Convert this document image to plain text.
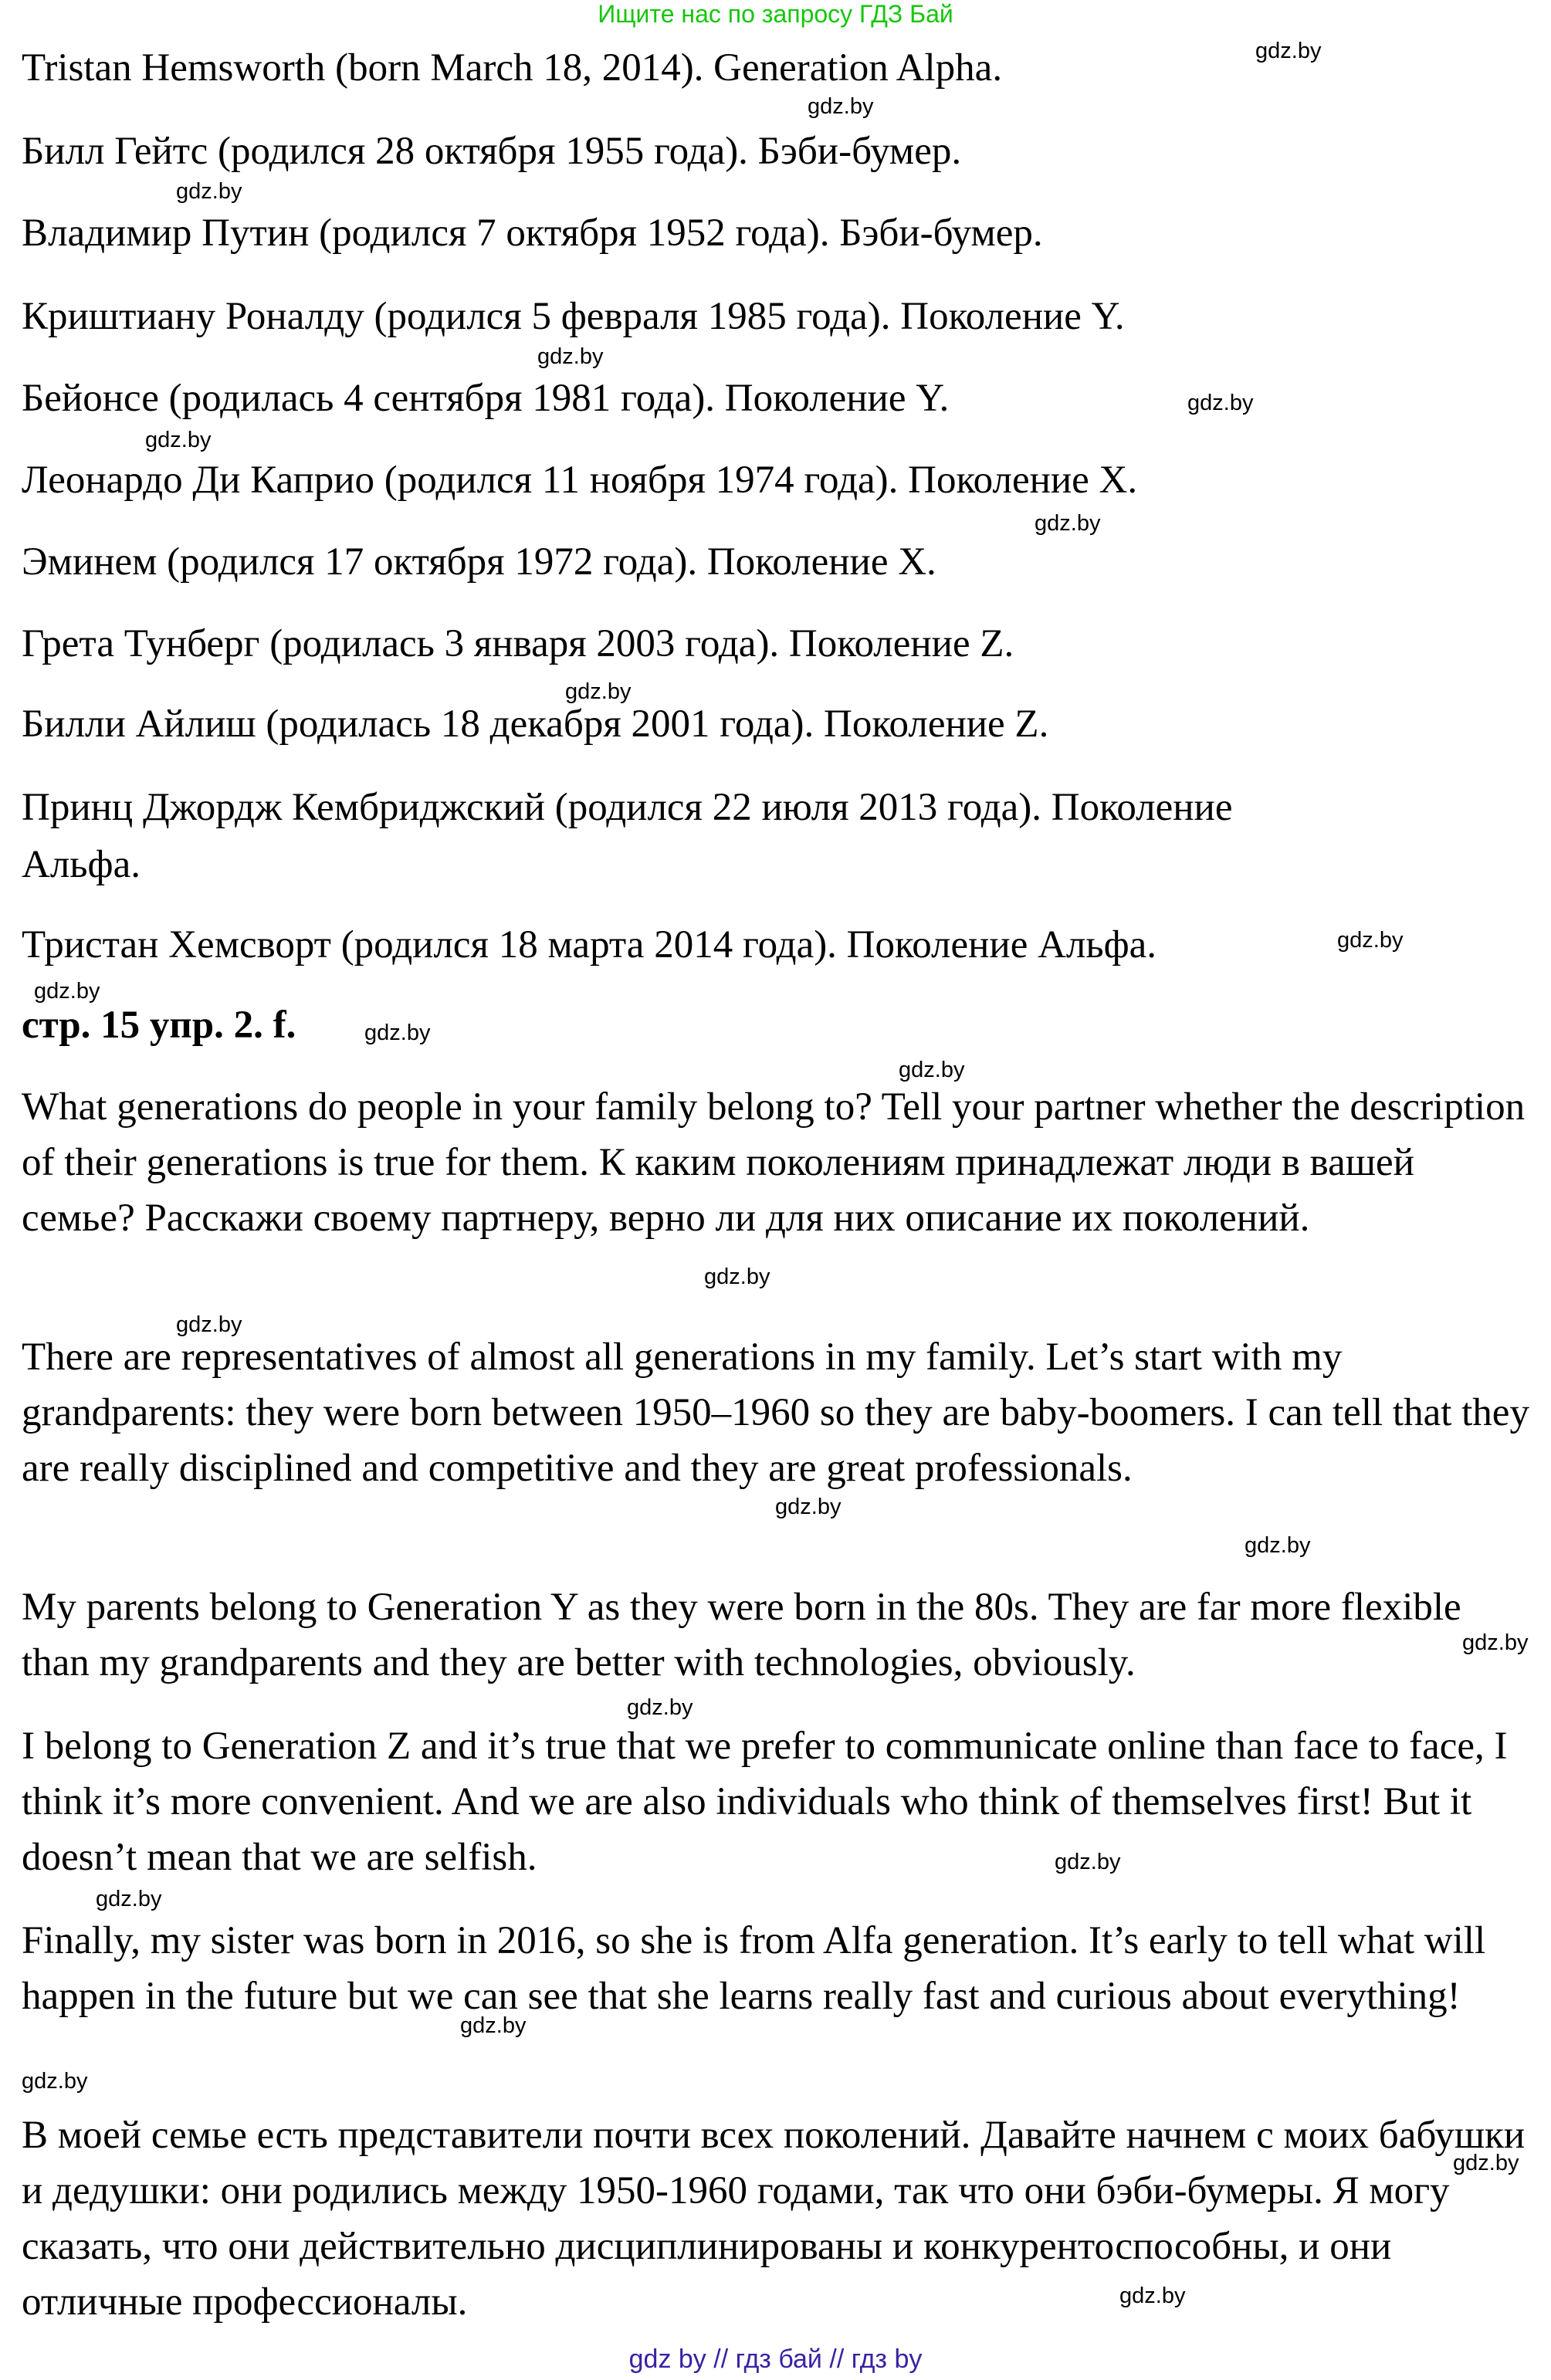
Ищите нас по запросу ГДЗ Бай
Tristan Hemsworth (born March 18, 2014). Generation Alpha.
Билл Гейтс (родился 28 октября 1955 года). Бэби-бумер.
Владимир Путин (родился 7 октября 1952 года). Бэби-бумер.
Криштиану Роналду (родился 5 февраля 1985 года). Поколение Y.
Бейонсе (родилась 4 сентября 1981 года). Поколение Y.
Леонардо Ди Каприо (родился 11 ноября 1974 года). Поколение X.
Эминем (родился 17 октября 1972 года). Поколение X.
Грета Тунберг (родилась 3 января 2003 года). Поколение Z.
Билли Айлиш (родилась 18 декабря 2001 года). Поколение Z.
Принц Джордж Кембриджский (родился 22 июля 2013 года). Поколение
Альфа.
Тристан Хемсворт (родился 18 марта 2014 года). Поколение Альфа.
стр. 15 упр. 2. f.
What generations do people in your family belong to? Tell your partner whether the description of their generations is true for them. К каким поколениям принадлежат люди в вашей семье? Расскажи своему партнеру, верно ли для них описание их поколений.
There are representatives of almost all generations in my family. Let’s start with my grandparents: they were born between 1950–1960 so they are baby-boomers. I can tell that they are really disciplined and competitive and they are great professionals.
My parents belong to Generation Y as they were born in the 80s. They are far more flexible than my grandparents and they are better with technologies, obviously.
I belong to Generation Z and it’s true that we prefer to communicate online than face to face, I think it’s more convenient. And we are also individuals who think of themselves first! But it doesn’t mean that we are selfish.
Finally, my sister was born in 2016, so she is from Alfa generation. It’s early to tell what will happen in the future but we can see that she learns really fast and curious about everything!
В моей семье есть представители почти всех поколений. Давайте начнем с моих бабушки и дедушки: они родились между 1950-1960 годами, так что они бэби-бумеры. Я могу сказать, что они действительно дисциплинированы и конкурентоспособны, и они отличные профессионалы.
gdz.by
gdz.by
gdz.by
gdz.by
gdz.by
gdz.by
gdz.by
gdz.by
gdz.by
gdz.by
gdz.by
gdz.by
gdz.by
gdz.by
gdz.by
gdz.by
gdz.by
gdz.by
gdz.by
gdz.by
gdz.by
gdz.by
gdz.by
gdz.by
gdz by // гдз бай // гдз by
